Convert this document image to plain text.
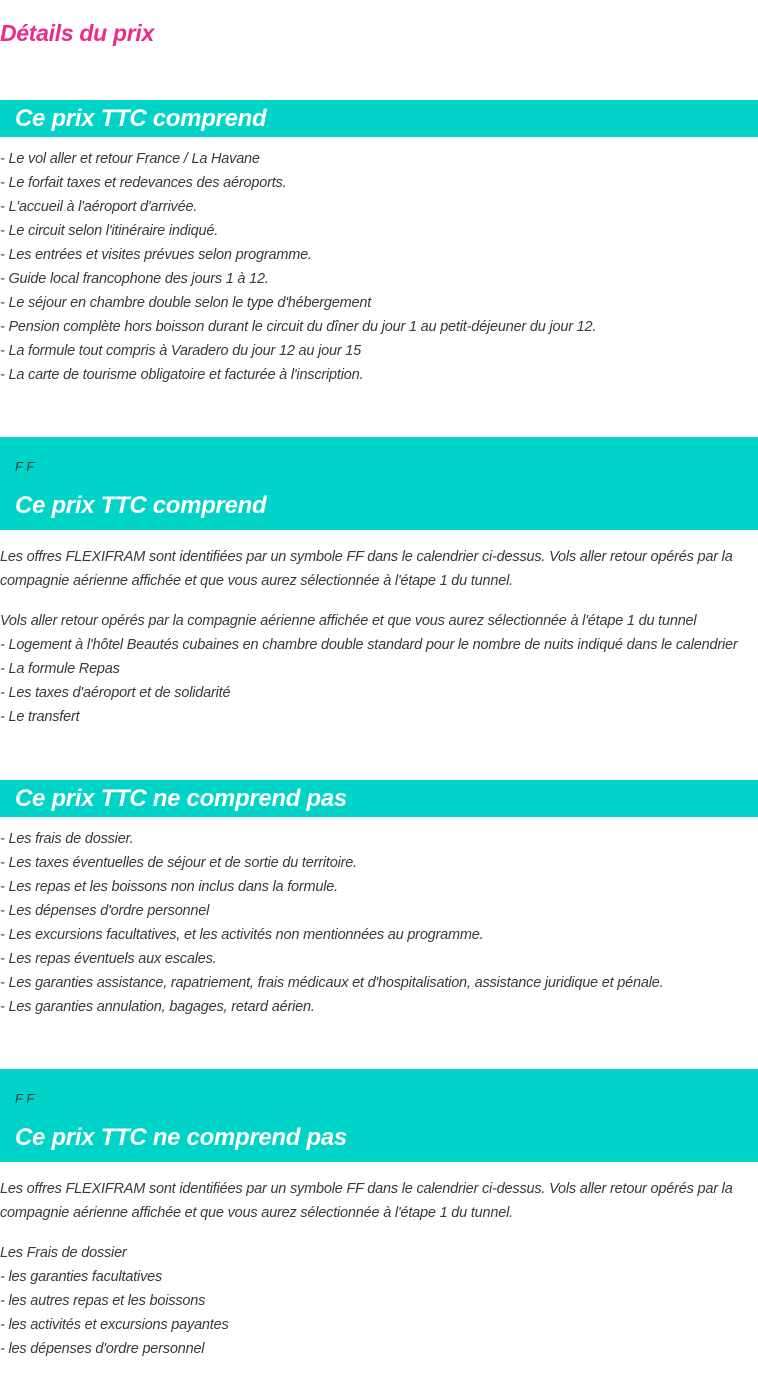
Détails du prix
Ce prix TTC comprend
- Le vol aller et retour France / La Havane
- Le forfait taxes et redevances des aéroports.
- L'accueil à l'aéroport d'arrivée.
- Le circuit selon l'itinéraire indiqué.
- Les entrées et visites prévues selon programme.
- Guide local francophone des jours 1 à 12.
- Le séjour en chambre double selon le type d'hébergement
- Pension complète hors boisson durant le circuit du dîner du jour 1 au petit-déjeuner du jour 12.
- La formule tout compris à Varadero du jour 12 au jour 15
- La carte de tourisme obligatoire et facturée à l'inscription.
F F
Ce prix TTC comprend
Les offres FLEXIFRAM sont identifiées par un symbole FF dans le calendrier ci-dessus. Vols aller retour opérés par la compagnie aérienne affichée et que vous aurez sélectionnée à l'étape 1 du tunnel.
Vols aller retour opérés par la compagnie aérienne affichée et que vous aurez sélectionnée à l'étape 1 du tunnel
- Logement à l'hôtel Beautés cubaines en chambre double standard pour le nombre de nuits indiqué dans le calendrier
- La formule Repas
- Les taxes d'aéroport et de solidarité
- Le transfert
Ce prix TTC ne comprend pas
- Les frais de dossier.
- Les taxes éventuelles de séjour et de sortie du territoire.
- Les repas et les boissons non inclus dans la formule.
- Les dépenses d'ordre personnel
- Les excursions facultatives, et les activités non mentionnées au programme.
- Les repas éventuels aux escales.
- Les garanties assistance, rapatriement, frais médicaux et d'hospitalisation, assistance juridique et pénale.
- Les garanties annulation, bagages, retard aérien.
F F
Ce prix TTC ne comprend pas
Les offres FLEXIFRAM sont identifiées par un symbole FF dans le calendrier ci-dessus. Vols aller retour opérés par la compagnie aérienne affichée et que vous aurez sélectionnée à l'étape 1 du tunnel.
Les Frais de dossier
- les garanties facultatives
- les autres repas et les boissons
- les activités et excursions payantes
- les dépenses d'ordre personnel
